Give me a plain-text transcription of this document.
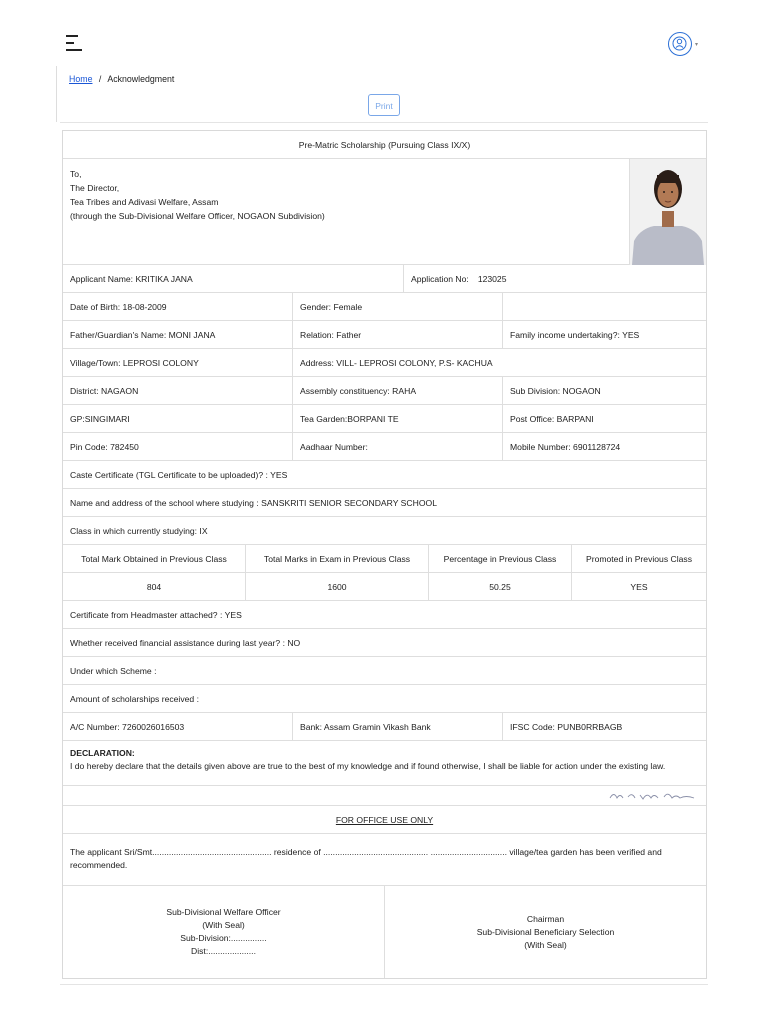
▾
Home / Acknowledgment
Print
Pre-Matric Scholarship (Pursuing Class IX/X)
To,
The Director,
Tea Tribes and Adivasi Welfare, Assam
(through the Sub-Divisional Welfare Officer, NOGAON Subdivision)
Applicant Name: KRITIKA JANA	Application No: 123025
Date of Birth: 18-08-2009	Gender: Female
Father/Guardian's Name: MONI JANA	Relation: Father	Family income undertaking?: YES
Village/Town: LEPROSI COLONY	Address: VILL- LEPROSI COLONY, P.S- KACHUA
District: NAGAON	Assembly constituency: RAHA	Sub Division: NOGAON
GP:SINGIMARI	Tea Garden:BORPANI TE	Post Office: BARPANI
Pin Code: 782450	Aadhaar Number:	Mobile Number: 6901128724
Caste Certificate (TGL Certificate to be uploaded)? : YES
Name and address of the school where studying : SANSKRITI SENIOR SECONDARY SCHOOL
Class in which currently studying: IX
Total Mark Obtained in Previous Class	Total Marks in Exam in Previous Class	Percentage in Previous Class	Promoted in Previous Class
804	1600	50.25	YES
Certificate from Headmaster attached? : YES
Whether received financial assistance during last year? : NO
Under which Scheme :
Amount of scholarships received :
A/C Number: 7260026016503	Bank: Assam Gramin Vikash Bank	IFSC Code: PUNB0RRBAGB
DECLARATION:
I do hereby declare that the details given above are true to the best of my knowledge and if found otherwise, I shall be liable for action under the existing law.
FOR OFFICE USE ONLY
The applicant Sri/Smt.................................................. residence of ............................................ ................................ village/tea garden has been verified and recommended.
Sub-Divisional Welfare Officer
(With Seal)
Sub-Division:...............
Dist:....................
Chairman
Sub-Divisional Beneficiary Selection
(With Seal)
